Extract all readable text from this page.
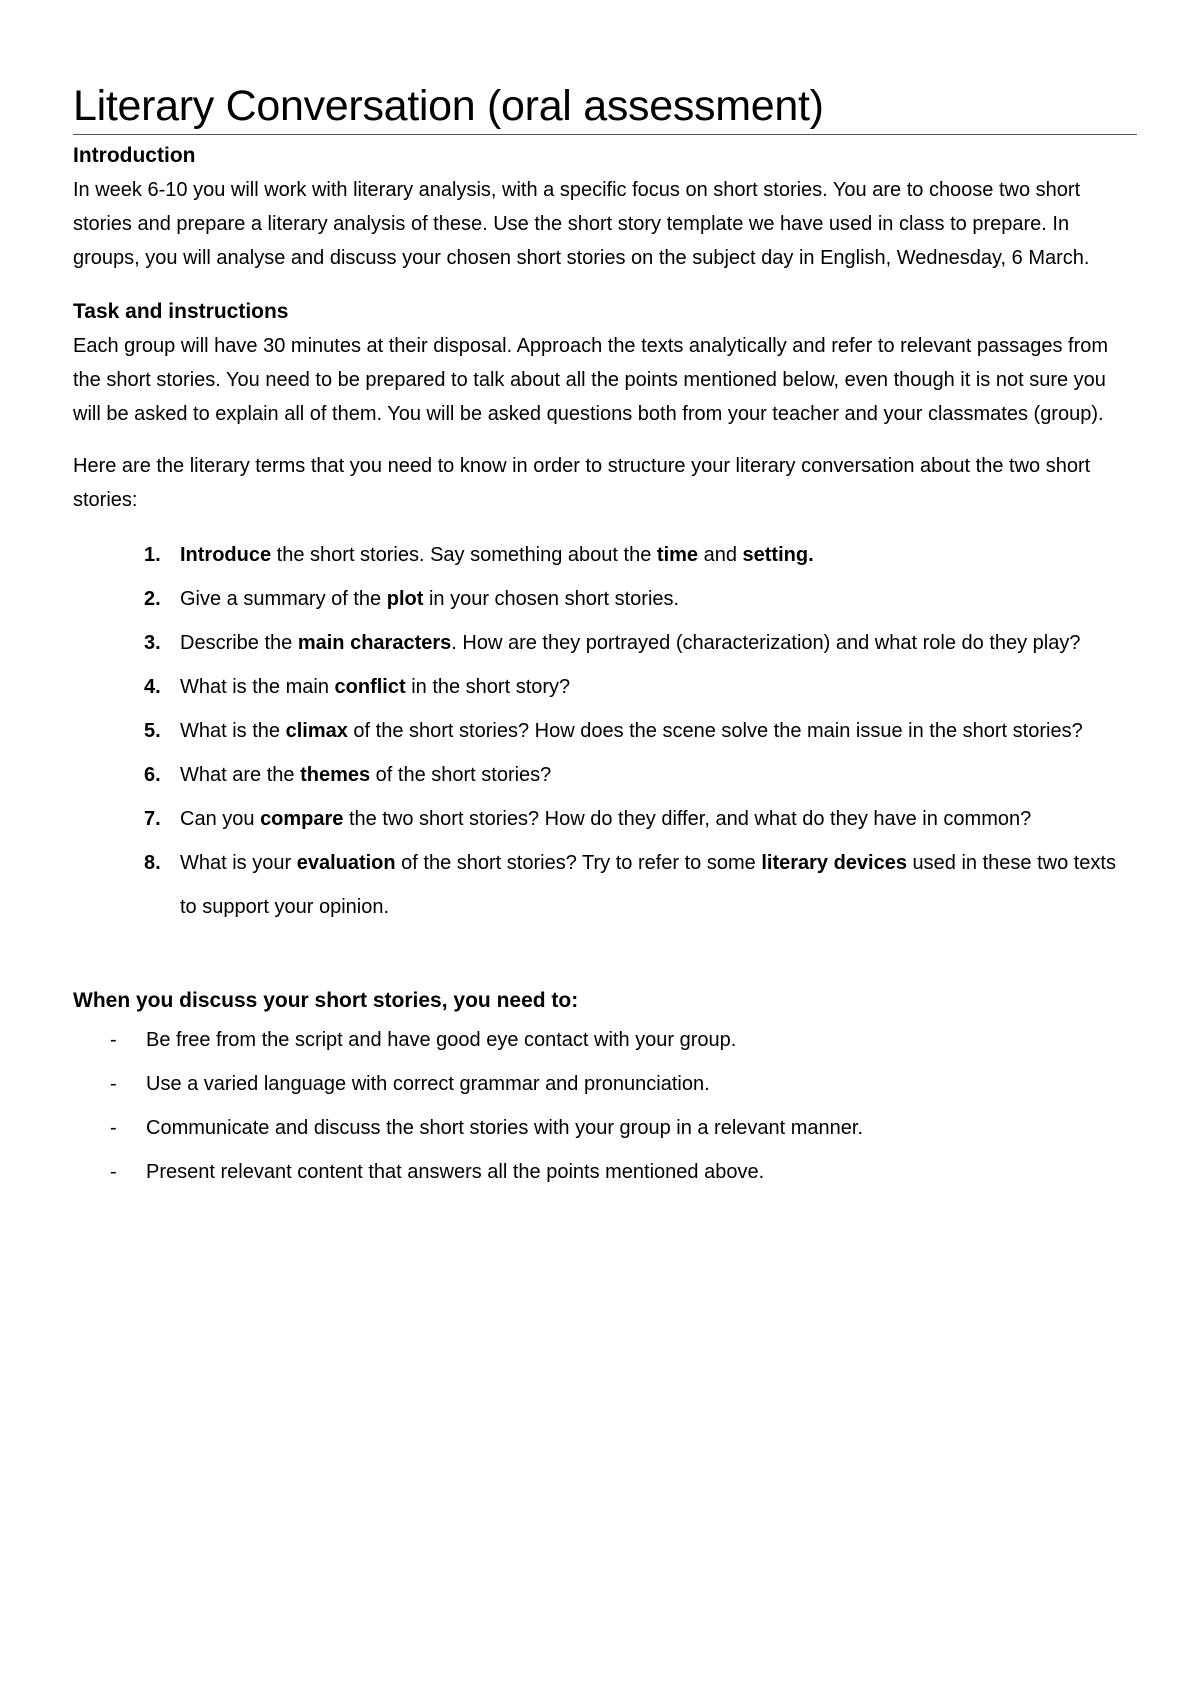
Literary Conversation (oral assessment)
Introduction

In week 6-10 you will work with literary analysis, with a specific focus on short stories. You are to choose two short stories and prepare a literary analysis of these. Use the short story template we have used in class to prepare. In groups, you will analyse and discuss your chosen short stories on the subject day in English, Wednesday, 6 March.

Task and instructions

Each group will have 30 minutes at their disposal. Approach the texts analytically and refer to relevant passages from the short stories. You need to be prepared to talk about all the points mentioned below, even though it is not sure you will be asked to explain all of them. You will be asked questions both from your teacher and your classmates (group).

Here are the literary terms that you need to know in order to structure your literary conversation about the two short stories:

1. Introduce the short stories. Say something about the time and setting.
2. Give a summary of the plot in your chosen short stories.
3. Describe the main characters. How are they portrayed (characterization) and what role do they play?
4. What is the main conflict in the short story?
5. What is the climax of the short stories? How does the scene solve the main issue in the short stories?
6. What are the themes of the short stories?
7. Can you compare the two short stories? How do they differ, and what do they have in common?
8. What is your evaluation of the short stories? Try to refer to some literary devices used in these two texts to support your opinion.
When you discuss your short stories, you need to:
- Be free from the script and have good eye contact with your group.
- Use a varied language with correct grammar and pronunciation.
- Communicate and discuss the short stories with your group in a relevant manner.
- Present relevant content that answers all the points mentioned above.
